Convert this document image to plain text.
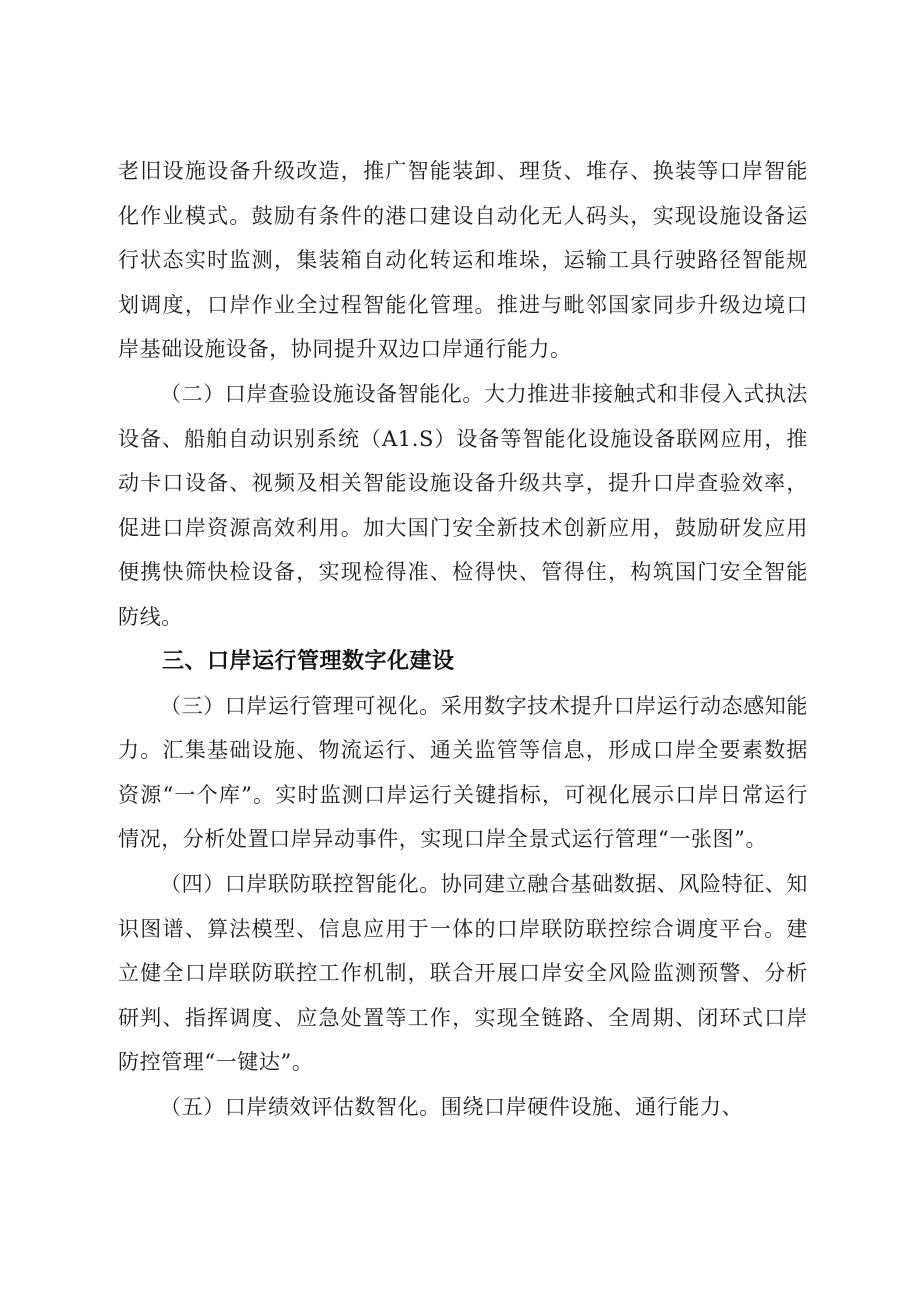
老旧设施设备升级改造，推广智能装卸、理货、堆存、换装等口岸智能化作业模式。鼓励有条件的港口建设自动化无人码头，实现设施设备运行状态实时监测，集装箱自动化转运和堆垛，运输工具行驶路径智能规划调度，口岸作业全过程智能化管理。推进与毗邻国家同步升级边境口岸基础设施设备，协同提升双边口岸通行能力。

（二）口岸查验设施设备智能化。大力推进非接触式和非侵入式执法设备、船舶自动识别系统（A1.S）设备等智能化设施设备联网应用，推动卡口设备、视频及相关智能设施设备升级共享，提升口岸查验效率，促进口岸资源高效利用。加大国门安全新技术创新应用，鼓励研发应用便携快筛快检设备，实现检得准、检得快、管得住，构筑国门安全智能防线。

三、口岸运行管理数字化建设

（三）口岸运行管理可视化。采用数字技术提升口岸运行动态感知能力。汇集基础设施、物流运行、通关监管等信息，形成口岸全要素数据资源“一个库”。实时监测口岸运行关键指标，可视化展示口岸日常运行情况，分析处置口岸异动事件，实现口岸全景式运行管理“一张图”。

（四）口岸联防联控智能化。协同建立融合基础数据、风险特征、知识图谱、算法模型、信息应用于一体的口岸联防联控综合调度平台。建立健全口岸联防联控工作机制，联合开展口岸安全风险监测预警、分析研判、指挥调度、应急处置等工作，实现全链路、全周期、闭环式口岸防控管理“一键达”。

（五）口岸绩效评估数智化。围绕口岸硬件设施、通行能力、
